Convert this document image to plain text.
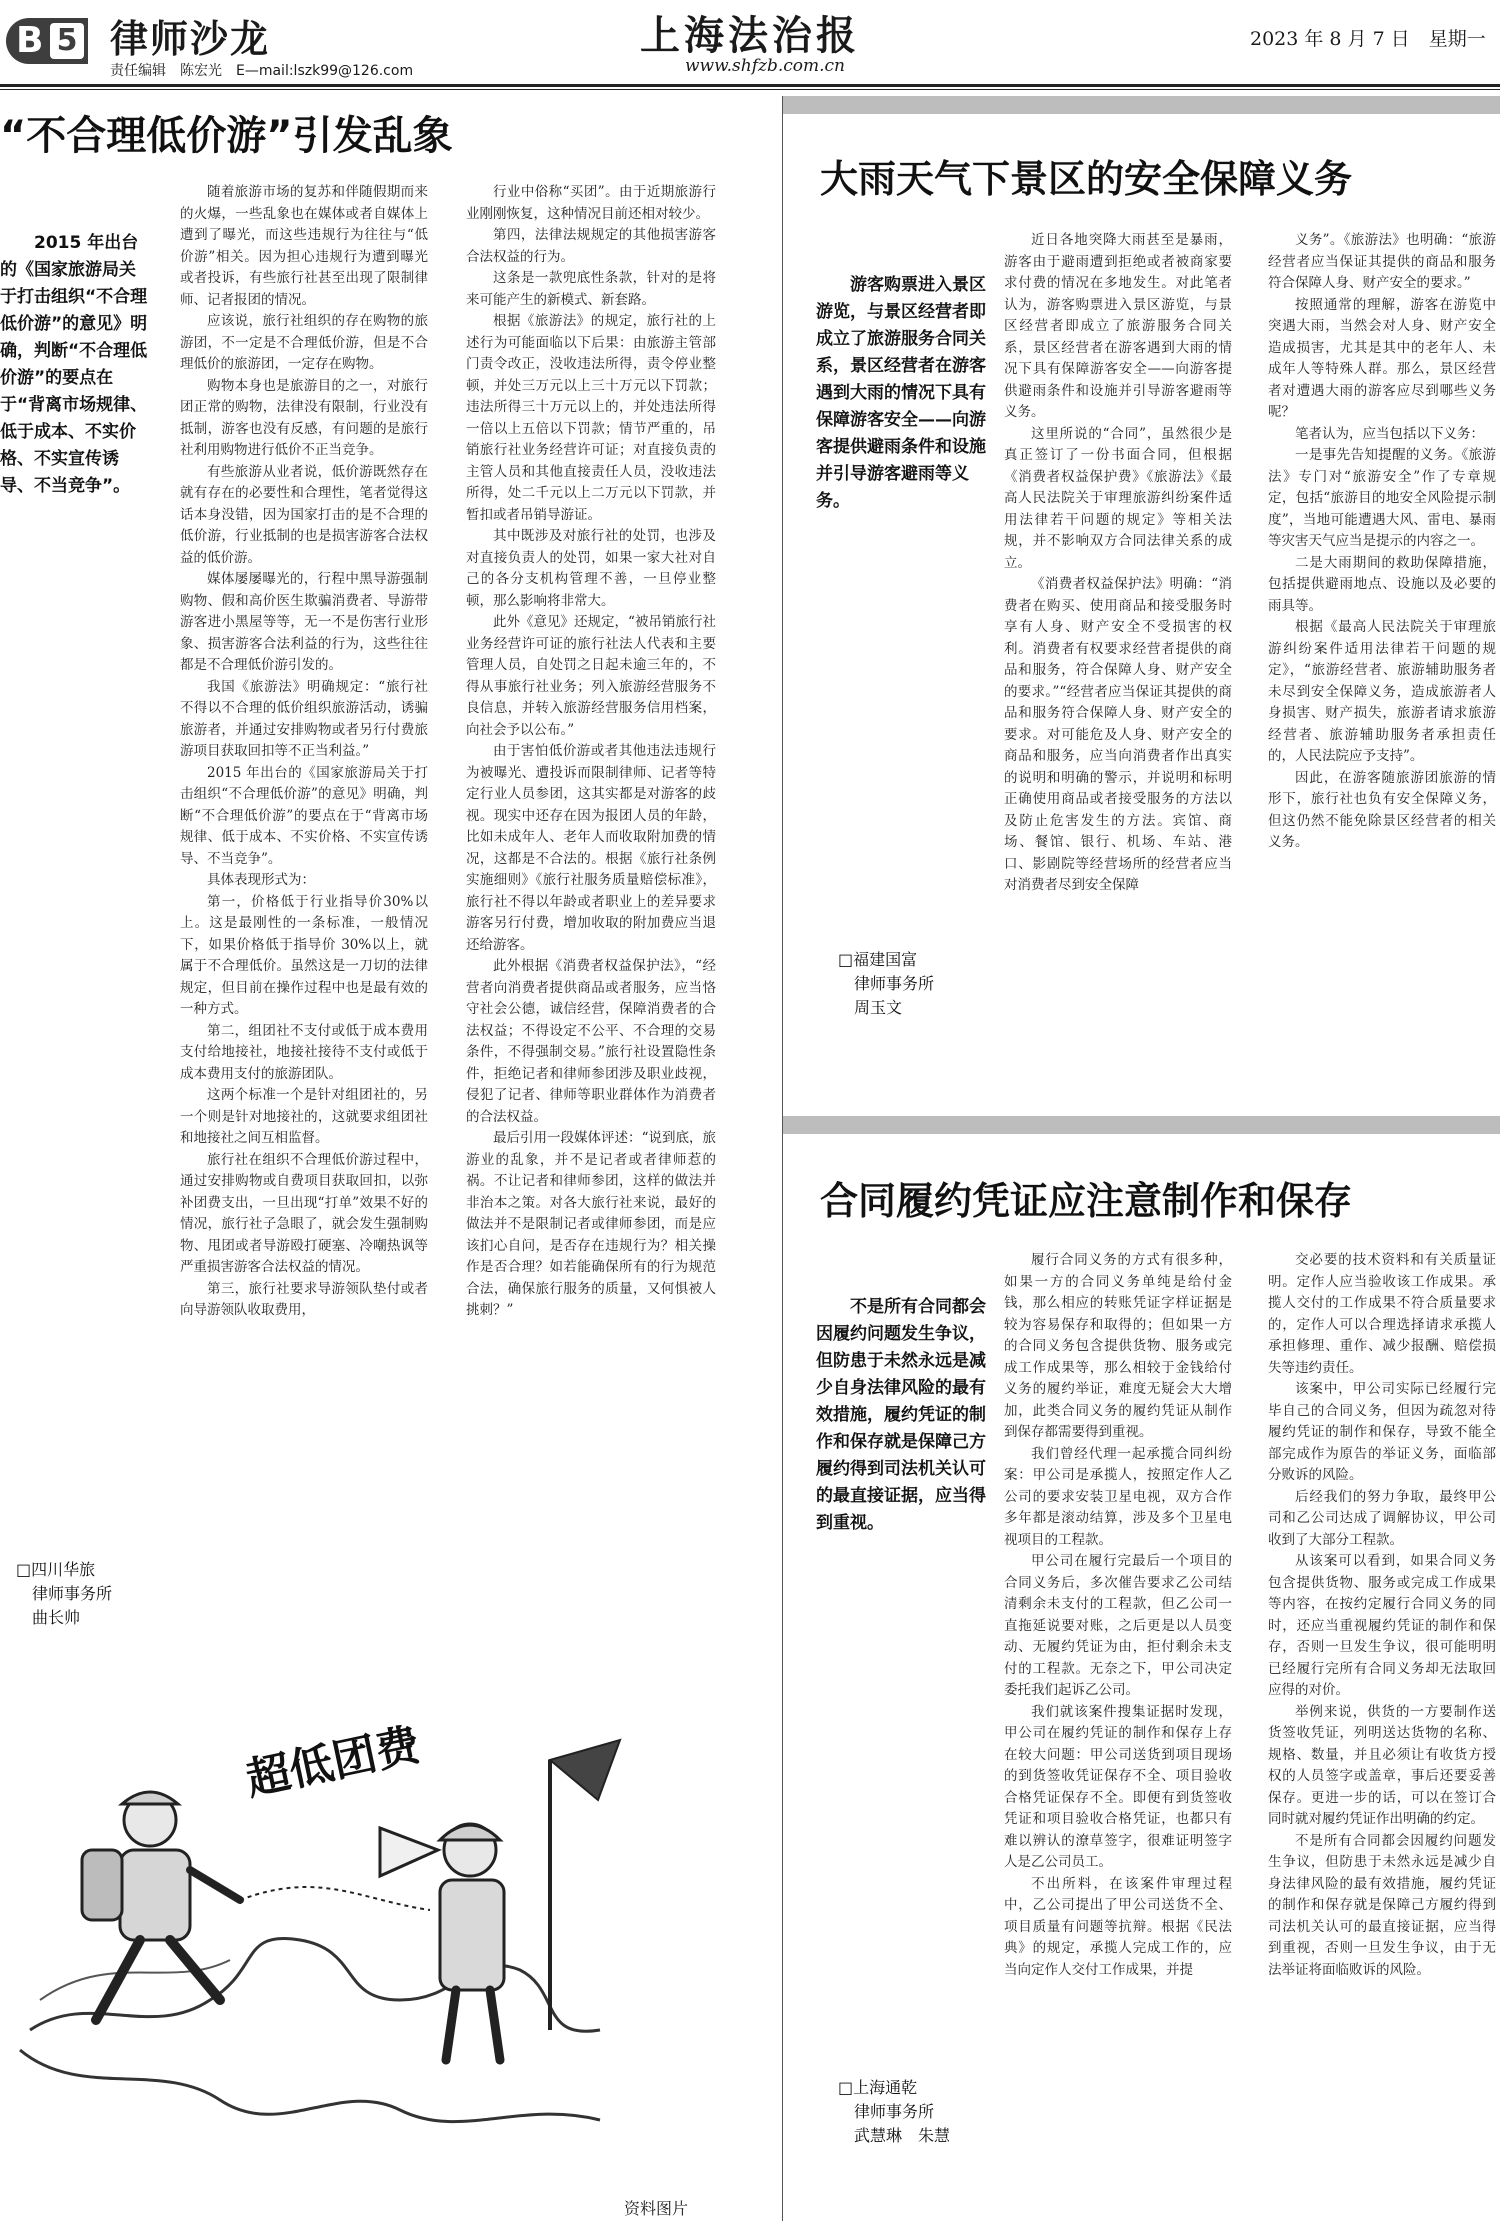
B 5 律师沙龙
责任编辑　陈宏光　E—mail:lszk99@126.com
上海法治报
www.shfzb.com.cn
2023 年 8 月 7 日　星期一
“不合理低价游”引发乱象
2015 年出台的《国家旅游局关于打击组织“不合理低价游”的意见》明确，判断“不合理低价游”的要点在于“背离市场规律、低于成本、不实价格、不实宣传诱导、不当竞争”。
□四川华旅
律师事务所
曲长帅

随着旅游市场的复苏和伴随假期而来的火爆，一些乱象也在媒体或者自媒体上遭到了曝光，而这些违规行为往往与“低价游”相关。因为担心违规行为遭到曝光或者投诉，有些旅行社甚至出现了限制律师、记者报团的情况。

应该说，旅行社组织的存在购物的旅游团，不一定是不合理低价游，但是不合理低价的旅游团，一定存在购物。

购物本身也是旅游目的之一，对旅行团正常的购物，法律没有限制，行业没有抵制，游客也没有反感，有问题的是旅行社利用购物进行低价不正当竞争。

有些旅游从业者说，低价游既然存在就有存在的必要性和合理性，笔者觉得这话本身没错，因为国家打击的是不合理的低价游，行业抵制的也是损害游客合法权益的低价游。

媒体屡屡曝光的，行程中黑导游强制购物、假和高价医生欺骗消费者、导游带游客进小黑屋等等，无一不是伤害行业形象、损害游客合法利益的行为，这些往往都是不合理低价游引发的。

我国《旅游法》明确规定：“旅行社不得以不合理的低价组织旅游活动，诱骗旅游者，并通过安排购物或者另行付费旅游项目获取回扣等不正当利益。”

2015 年出台的《国家旅游局关于打击组织“不合理低价游”的意见》明确，判断“不合理低价游”的要点在于“背离市场规律、低于成本、不实价格、不实宣传诱导、不当竞争”。

具体表现形式为：

第一，价格低于行业指导价30%以上。这是最刚性的一条标准，一般情况下，如果价格低于指导价 30%以上，就属于不合理低价。虽然这是一刀切的法律规定，但目前在操作过程中也是最有效的一种方式。

第二，组团社不支付或低于成本费用支付给地接社，地接社接待不支付或低于成本费用支付的旅游团队。

这两个标准一个是针对组团社的，另一个则是针对地接社的，这就要求组团社和地接社之间互相监督。

旅行社在组织不合理低价游过程中，通过安排购物或自费项目获取回扣，以弥补团费支出，一旦出现“打单”效果不好的情况，旅行社子急眼了，就会发生强制购物、甩团或者导游殴打硬塞、冷嘲热讽等严重损害游客合法权益的情况。

第三，旅行社要求导游领队垫付或者向导游领队收取费用，

行业中俗称“买团”。由于近期旅游行业刚刚恢复，这种情况目前还相对较少。

第四，法律法规规定的其他损害游客合法权益的行为。

这条是一款兜底性条款，针对的是将来可能产生的新模式、新套路。

根据《旅游法》的规定，旅行社的上述行为可能面临以下后果：由旅游主管部门责令改正，没收违法所得，责令停业整顿，并处三万元以上三十万元以下罚款；违法所得三十万元以上的，并处违法所得一倍以上五倍以下罚款；情节严重的，吊销旅行社业务经营许可证；对直接负责的主管人员和其他直接责任人员，没收违法所得，处二千元以上二万元以下罚款，并暂扣或者吊销导游证。

其中既涉及对旅行社的处罚，也涉及对直接负责人的处罚，如果一家大社对自己的各分支机构管理不善，一旦停业整顿，那么影响将非常大。

此外《意见》还规定，“被吊销旅行社业务经营许可证的旅行社法人代表和主要管理人员，自处罚之日起未逾三年的，不得从事旅行社业务；列入旅游经营服务不良信息，并转入旅游经营服务信用档案，向社会予以公布。”

由于害怕低价游或者其他违法违规行为被曝光、遭投诉而限制律师、记者等特定行业人员参团，这其实都是对游客的歧视。现实中还存在因为报团人员的年龄，比如未成年人、老年人而收取附加费的情况，这都是不合法的。根据《旅行社条例实施细则》《旅行社服务质量赔偿标准》，旅行社不得以年龄或者职业上的差异要求游客另行付费，增加收取的附加费应当退还给游客。

此外根据《消费者权益保护法》，“经营者向消费者提供商品或者服务，应当恪守社会公德，诚信经营，保障消费者的合法权益；不得设定不公平、不合理的交易条件，不得强制交易。”旅行社设置隐性条件，拒绝记者和律师参团涉及职业歧视，侵犯了记者、律师等职业群体作为消费者的合法权益。

最后引用一段媒体评述：“说到底，旅游业的乱象，并不是记者或者律师惹的祸。不让记者和律师参团，这样的做法并非治本之策。对各大旅行社来说，最好的做法并不是限制记者或律师参团，而是应该扪心自问，是否存在违规行为？相关操作是否合理？如若能确保所有的行为规范合法，确保旅行服务的质量，又何惧被人挑刺？”

超低团费
资料图片
大雨天气下景区的安全保障义务
游客购票进入景区游览，与景区经营者即成立了旅游服务合同关系，景区经营者在游客遇到大雨的情况下具有保障游客安全——向游客提供避雨条件和设施并引导游客避雨等义务。
□福建国富
律师事务所
周玉文

近日各地突降大雨甚至是暴雨，游客由于避雨遭到拒绝或者被商家要求付费的情况在多地发生。对此笔者认为，游客购票进入景区游览，与景区经营者即成立了旅游服务合同关系，景区经营者在游客遇到大雨的情况下具有保障游客安全——向游客提供避雨条件和设施并引导游客避雨等义务。

这里所说的“合同”，虽然很少是真正签订了一份书面合同，但根据《消费者权益保护费》《旅游法》《最高人民法院关于审理旅游纠纷案件适用法律若干问题的规定》等相关法规，并不影响双方合同法律关系的成立。

《消费者权益保护法》明确：“消费者在购买、使用商品和接受服务时享有人身、财产安全不受损害的权利。消费者有权要求经营者提供的商品和服务，符合保障人身、财产安全的要求。”“经营者应当保证其提供的商品和服务符合保障人身、财产安全的要求。对可能危及人身、财产安全的商品和服务，应当向消费者作出真实的说明和明确的警示，并说明和标明正确使用商品或者接受服务的方法以及防止危害发生的方法。宾馆、商场、餐馆、银行、机场、车站、港口、影剧院等经营场所的经营者应当对消费者尽到安全保障

义务”。《旅游法》也明确：“旅游经营者应当保证其提供的商品和服务符合保障人身、财产安全的要求。”

按照通常的理解，游客在游览中突遇大雨，当然会对人身、财产安全造成损害，尤其是其中的老年人、未成年人等特殊人群。那么，景区经营者对遭遇大雨的游客应尽到哪些义务呢？

笔者认为，应当包括以下义务：

一是事先告知提醒的义务。《旅游法》专门对“旅游安全”作了专章规定，包括“旅游目的地安全风险提示制度”，当地可能遭遇大风、雷电、暴雨等灾害天气应当是提示的内容之一。

二是大雨期间的救助保障措施，包括提供避雨地点、设施以及必要的雨具等。

根据《最高人民法院关于审理旅游纠纷案件适用法律若干问题的规定》，“旅游经营者、旅游辅助服务者未尽到安全保障义务，造成旅游者人身损害、财产损失，旅游者请求旅游经营者、旅游辅助服务者承担责任的，人民法院应予支持”。

因此，在游客随旅游团旅游的情形下，旅行社也负有安全保障义务，但这仍然不能免除景区经营者的相关义务。

合同履约凭证应注意制作和保存
不是所有合同都会因履约问题发生争议，但防患于未然永远是减少自身法律风险的最有效措施，履约凭证的制作和保存就是保障己方履约得到司法机关认可的最直接证据，应当得到重视。
□上海通乾
律师事务所
武慧琳　朱慧

履行合同义务的方式有很多种，如果一方的合同义务单纯是给付金钱，那么相应的转账凭证字样证据是较为容易保存和取得的；但如果一方的合同义务包含提供货物、服务或完成工作成果等，那么相较于金钱给付义务的履约举证，难度无疑会大大增加，此类合同义务的履约凭证从制作到保存都需要得到重视。

我们曾经代理一起承揽合同纠纷案：甲公司是承揽人，按照定作人乙公司的要求安装卫星电视，双方合作多年都是滚动结算，涉及多个卫星电视项目的工程款。

甲公司在履行完最后一个项目的合同义务后，多次催告要求乙公司结清剩余未支付的工程款，但乙公司一直拖延说要对账，之后更是以人员变动、无履约凭证为由，拒付剩余未支付的工程款。无奈之下，甲公司决定委托我们起诉乙公司。

我们就该案件搜集证据时发现，甲公司在履约凭证的制作和保存上存在较大问题：甲公司送货到项目现场的到货签收凭证保存不全、项目验收合格凭证保存不全。即便有到货签收凭证和项目验收合格凭证，也都只有难以辨认的潦草签字，很难证明签字人是乙公司员工。

不出所料，在该案件审理过程中，乙公司提出了甲公司送货不全、项目质量有问题等抗辩。根据《民法典》的规定，承揽人完成工作的，应当向定作人交付工作成果，并提

交必要的技术资料和有关质量证明。定作人应当验收该工作成果。承揽人交付的工作成果不符合质量要求的，定作人可以合理选择请求承揽人承担修理、重作、减少报酬、赔偿损失等违约责任。

该案中，甲公司实际已经履行完毕自己的合同义务，但因为疏忽对待履约凭证的制作和保存，导致不能全部完成作为原告的举证义务，面临部分败诉的风险。

后经我们的努力争取，最终甲公司和乙公司达成了调解协议，甲公司收到了大部分工程款。

从该案可以看到，如果合同义务包含提供货物、服务或完成工作成果等内容，在按约定履行合同义务的同时，还应当重视履约凭证的制作和保存，否则一旦发生争议，很可能明明已经履行完所有合同义务却无法取回应得的对价。

举例来说，供货的一方要制作送货签收凭证，列明送达货物的名称、规格、数量，并且必须让有收货方授权的人员签字或盖章，事后还要妥善保存。更进一步的话，可以在签订合同时就对履约凭证作出明确的约定。

不是所有合同都会因履约问题发生争议，但防患于未然永远是减少自身法律风险的最有效措施，履约凭证的制作和保存就是保障己方履约得到司法机关认可的最直接证据，应当得到重视，否则一旦发生争议，由于无法举证将面临败诉的风险。
